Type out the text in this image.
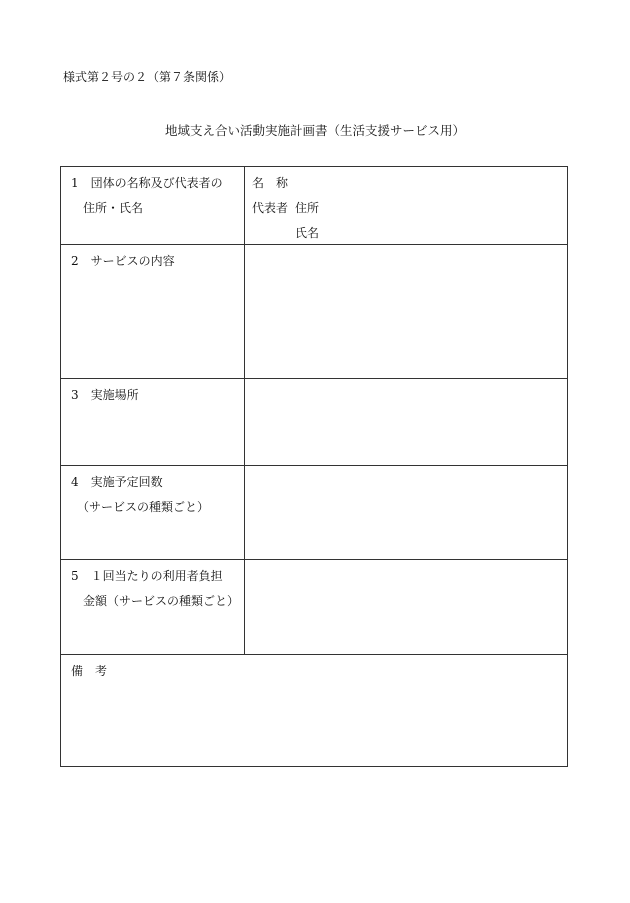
様式第２号の２（第７条関係）
地域支え合い活動実施計画書（生活支援サービス用）
1　団体の名称及び代表者の
住所・氏名	名　称
代表者 住所
氏名

2　サービスの内容	

3　実施場所	

4　実施予定回数
（サービスの種類ごと）	

5　１回当たりの利用者負担
金額（サービスの種類ごと）	

備　考	
